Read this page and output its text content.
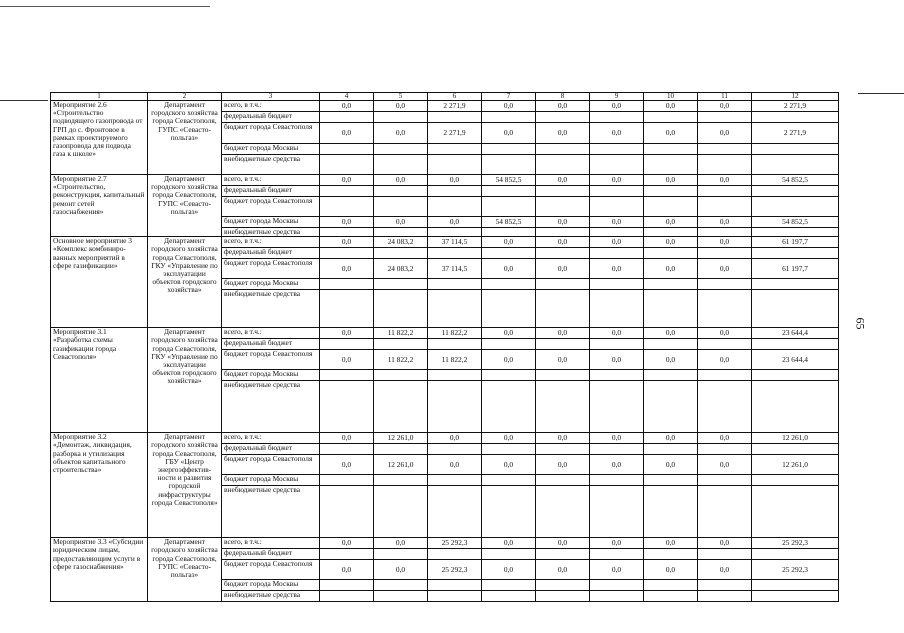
1	2	3	4	5	6	7	8	9	10	11	12
Мероприятие 2.6 «Строительство подводящего газопровода от ГРП до с. Фронтовое в рамках проектируемого газопровода для подвода газа к школе»	Департамент городского хозяйства города Севастополя, ГУПС «Севасто-польгаз»	всего, в т.ч.:	0,0	0,0	2 271,9	0,0	0,0	0,0	0,0	0,0	2 271,9
		федеральный бюджет									
		бюджет города Севастополя	0,0	0,0	2 271,9	0,0	0,0	0,0	0,0	0,0	2 271,9
		бюджет города Москвы									
		внебюджетные средства									
Мероприятие 2.7 «Строительство, реконструкция, капитальный ремонт сетей газоснабжения»	Департамент городского хозяйства города Севастополя, ГУПС «Севасто-польгаз»	всего, в т.ч.:	0,0	0,0	0,0	54 852,5	0,0	0,0	0,0	0,0	54 852,5
		федеральный бюджет									
		бюджет города Севастополя									
		бюджет города Москвы	0,0	0,0	0,0	54 852,5	0,0	0,0	0,0	0,0	54 852,5
		внебюджетные средства									
Основное мероприятие 3 «Комплекс комбиниро-ванных мероприятий в сфере газификации»	Департамент городского хозяйства города Севастополя, ГКУ «Управление по эксплуатации объектов городского хозяйства»	всего, в т.ч.:	0,0	24 083,2	37 114,5	0,0	0,0	0,0	0,0	0,0	61 197,7
		федеральный бюджет									
		бюджет города Севастополя	0,0	24 083,2	37 114,5	0,0	0,0	0,0	0,0	0,0	61 197,7
		бюджет города Москвы									
		внебюджетные средства									
Мероприятие 3.1 «Разработка схемы газификации города Севастополя»	Департамент городского хозяйства города Севастополя, ГКУ «Управление по эксплуатации объектов городского хозяйства»	всего, в т.ч.:	0,0	11 822,2	11 822,2	0,0	0,0	0,0	0,0	0,0	23 644,4
		федеральный бюджет									
		бюджет города Севастополя	0,0	11 822,2	11 822,2	0,0	0,0	0,0	0,0	0,0	23 644,4
		бюджет города Москвы									
		внебюджетные средства									
Мероприятие 3.2 «Демонтаж, ликвидация, разборка и утилизация объектов капитального строительства»	Департамент городского хозяйства города Севастополя, ГБУ «Центр энергоэффектив-ности и развития городской инфраструктуры города Севастополя»	всего, в т.ч.:	0,0	12 261,0	0,0	0,0	0,0	0,0	0,0	0,0	12 261,0
		федеральный бюджет									
		бюджет города Севастополя	0,0	12 261,0	0,0	0,0	0,0	0,0	0,0	0,0	12 261,0
		бюджет города Москвы									
		внебюджетные средства									
Мероприятие 3.3 «Субсидии юридическим лицам, предоставляющим услуги в сфере газоснабжения»	Департамент городского хозяйства города Севастополя, ГУПС «Севасто-польгаз»	всего, в т.ч.:	0,0	0,0	25 292,3	0,0	0,0	0,0	0,0	0,0	25 292,3
		федеральный бюджет									
		бюджет города Севастополя	0,0	0,0	25 292,3	0,0	0,0	0,0	0,0	0,0	25 292,3
		бюджет города Москвы									
		внебюджетные средства									
65
